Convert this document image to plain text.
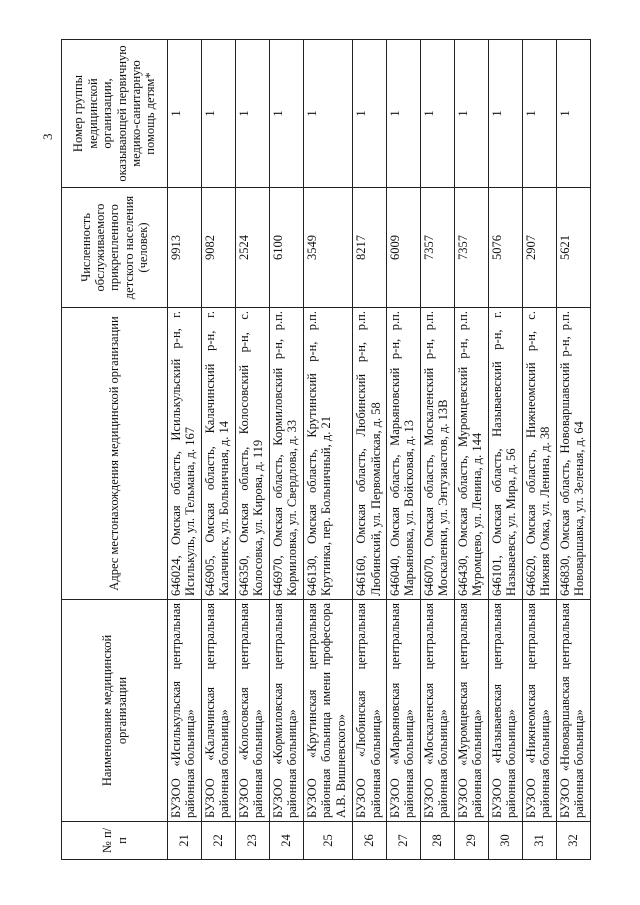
3
№ п/п	Наименование медицинской организации	Адрес местонахождения медицинской организации	Численность обслуживаемого прикрепленного детского населения (человек)	Номер группы медицинской организации, оказывающей первичную медико-санитарную помощь детям*
21	БУЗОО «Исилькульская центральная районная больница»	646024, Омская область, Исилькульский р-н, г. Исилькуль, ул. Тельмана, д. 167	9913	1
22	БУЗОО «Калачинская центральная районная больница»	646905, Омская область, Калачинский р-н, г. Калачинск, ул. Больничная, д. 14	9082	1
23	БУЗОО «Колосовская центральная районная больница»	646350, Омская область, Колосовский р-н, с. Колосовка, ул. Кирова, д. 119	2524	1
24	БУЗОО «Кормиловская центральная районная больница»	646970, Омская область, Кормиловский р-н, р.п. Кормиловка, ул. Свердлова, д. 33	6100	1
25	БУЗОО «Крутинская центральная районная больница имени профессора А.В. Вишневского»	646130, Омская область, Крутинский р-н, р.п. Крутинка, пер. Больничный, д. 21	3549	1
26	БУЗОО «Любинская центральная районная больница»	646160, Омская область, Любинский р-н, р.п. Любинский, ул. Первомайская, д. 58	8217	1
27	БУЗОО «Марьяновская центральная районная больница»	646040, Омская область, Марьяновский р-н, р.п. Марьяновка, ул. Войсковая, д. 13	6009	1
28	БУЗОО «Москаленская центральная районная больница»	646070, Омская область, Москаленский р-н, р.п. Москаленки, ул. Энтузиастов, д. 13В	7357	1
29	БУЗОО «Муромцевская центральная районная больница»	646430, Омская область, Муромцевский р-н, р.п. Муромцево, ул. Ленина, д. 144	7357	1
30	БУЗОО «Называевская центральная районная больница»	646101, Омская область, Называевский р-н, г. Называевск, ул. Мира, д. 56	5076	1
31	БУЗОО «Нижнеомская центральная районная больница»	646620, Омская область, Нижнеомский р-н, с. Нижняя Омка, ул. Ленина, д. 38	2907	1
32	БУЗОО «Нововаршавская центральная районная больница»	646830, Омская область, Нововаршавский р-н, р.п. Нововаршавка, ул. Зеленая, д. 64	5621	1
